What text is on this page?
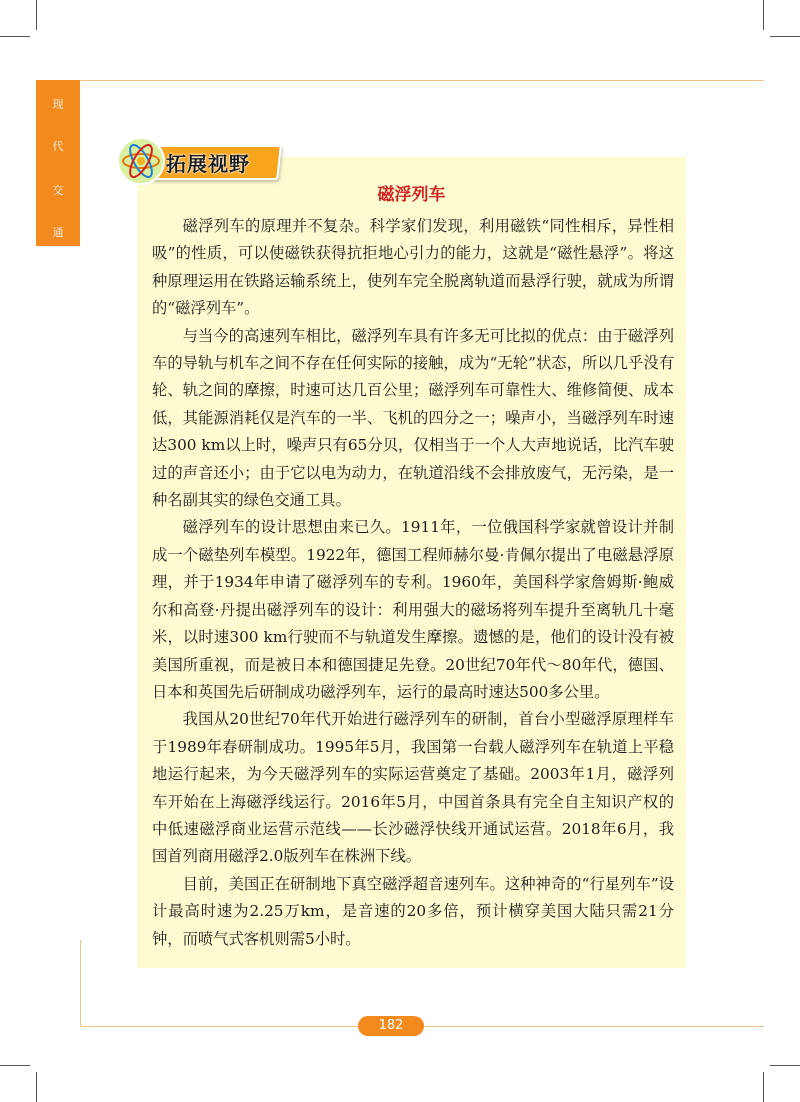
现
代
交
通
拓展视野
磁浮列车

磁浮列车的原理并不复杂。科学家们发现，利用磁铁“同性相斥，异性相吸”的性质，可以使磁铁获得抗拒地心引力的能力，这就是“磁性悬浮”。将这种原理运用在铁路运输系统上，使列车完全脱离轨道而悬浮行驶，就成为所谓的“磁浮列车”。

与当今的高速列车相比，磁浮列车具有许多无可比拟的优点：由于磁浮列车的导轨与机车之间不存在任何实际的接触，成为“无轮”状态，所以几乎没有轮、轨之间的摩擦，时速可达几百公里；磁浮列车可靠性大、维修简便、成本低，其能源消耗仅是汽车的一半、飞机的四分之一；噪声小，当磁浮列车时速达300 km以上时，噪声只有65分贝，仅相当于一个人大声地说话，比汽车驶过的声音还小；由于它以电为动力，在轨道沿线不会排放废气，无污染，是一种名副其实的绿色交通工具。

磁浮列车的设计思想由来已久。1911年，一位俄国科学家就曾设计并制成一个磁垫列车模型。1922年，德国工程师赫尔曼·肯佩尔提出了电磁悬浮原理，并于1934年申请了磁浮列车的专利。1960年，美国科学家詹姆斯·鲍威尔和高登·丹提出磁浮列车的设计：利用强大的磁场将列车提升至离轨几十毫米，以时速300 km行驶而不与轨道发生摩擦。遗憾的是，他们的设计没有被美国所重视，而是被日本和德国捷足先登。20世纪70年代～80年代，德国、日本和英国先后研制成功磁浮列车，运行的最高时速达500多公里。

我国从20世纪70年代开始进行磁浮列车的研制，首台小型磁浮原理样车于1989年春研制成功。1995年5月，我国第一台载人磁浮列车在轨道上平稳地运行起来，为今天磁浮列车的实际运营奠定了基础。2003年1月，磁浮列车开始在上海磁浮线运行。2016年5月，中国首条具有完全自主知识产权的中低速磁浮商业运营示范线——长沙磁浮快线开通试运营。2018年6月，我国首列商用磁浮2.0版列车在株洲下线。

目前，美国正在研制地下真空磁浮超音速列车。这种神奇的“行星列车”设计最高时速为2.25万km，是音速的20多倍，预计横穿美国大陆只需21分钟，而喷气式客机则需5小时。

182
